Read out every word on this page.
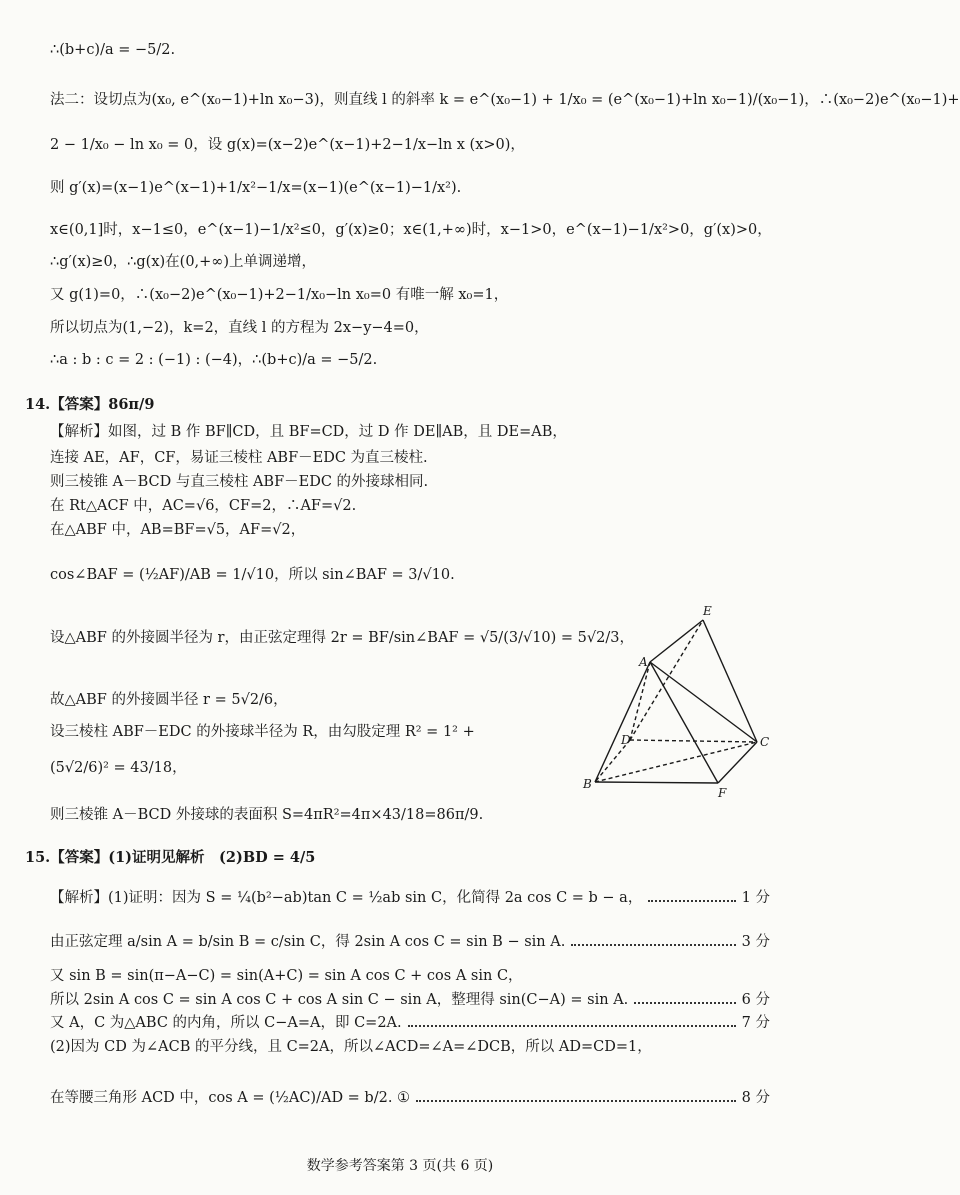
∴(b+c)/a = −5/2.
法二：设切点为(x₀, e^(x₀−1)+ln x₀−3)，则直线 l 的斜率 k = e^(x₀−1) + 1/x₀ = (e^(x₀−1)+ln x₀−1)/(x₀−1)，∴(x₀−2)e^(x₀−1)+
2 − 1/x₀ − ln x₀ = 0，设 g(x)=(x−2)e^(x−1)+2−1/x−ln x (x>0)，
则 g′(x)=(x−1)e^(x−1)+1/x²−1/x=(x−1)(e^(x−1)−1/x²).
x∈(0,1]时，x−1≤0，e^(x−1)−1/x²≤0，g′(x)≥0；x∈(1,+∞)时，x−1>0，e^(x−1)−1/x²>0，g′(x)>0，
∴g′(x)≥0，∴g(x)在(0,+∞)上单调递增，
又 g(1)=0，∴(x₀−2)e^(x₀−1)+2−1/x₀−ln x₀=0 有唯一解 x₀=1，
所以切点为(1,−2)，k=2，直线 l 的方程为 2x−y−4=0，
∴a : b : c = 2 : (−1) : (−4)，∴(b+c)/a = −5/2.
14.【答案】86π/9
【解析】如图，过 B 作 BF∥CD，且 BF=CD，过 D 作 DE∥AB，且 DE=AB，
连接 AE，AF，CF，易证三棱柱 ABF－EDC 为直三棱柱.
则三棱锥 A－BCD 与直三棱柱 ABF－EDC 的外接球相同.
在 Rt△ACF 中，AC=√6，CF=2，∴AF=√2.
在△ABF 中，AB=BF=√5，AF=√2，
cos∠BAF = (½AF)/AB = 1/√10，所以 sin∠BAF = 3/√10.
设△ABF 的外接圆半径为 r，由正弦定理得 2r = BF/sin∠BAF = √5/(3/√10) = 5√2/3，
故△ABF 的外接圆半径 r = 5√2/6，
设三棱柱 ABF－EDC 的外接球半径为 R，由勾股定理 R² = 1² +
(5√2/6)² = 43/18，
则三棱锥 A－BCD 外接球的表面积 S=4πR²=4π×43/18=86π/9.
15.【答案】(1)证明见解析　(2)BD = 4/5
【解析】(1)证明：因为 S = ¼(b²−ab)tan C = ½ab sin C，化简得 2a cos C = b − a，	1 分
由正弦定理 a/sin A = b/sin B = c/sin C，得 2sin A cos C = sin B − sin A.	3 分
又 sin B = sin(π−A−C) = sin(A+C) = sin A cos C + cos A sin C，
所以 2sin A cos C = sin A cos C + cos A sin C − sin A，整理得 sin(C−A) = sin A.	6 分
又 A，C 为△ABC 的内角，所以 C−A=A，即 C=2A.	7 分
(2)因为 CD 为∠ACB 的平分线，且 C=2A，所以∠ACD=∠A=∠DCB，所以 AD=CD=1，
在等腰三角形 ACD 中，cos A = (½AC)/AD = b/2. ①	8 分
E
A
D	C
B
F
数学参考答案第 3 页(共 6 页)
